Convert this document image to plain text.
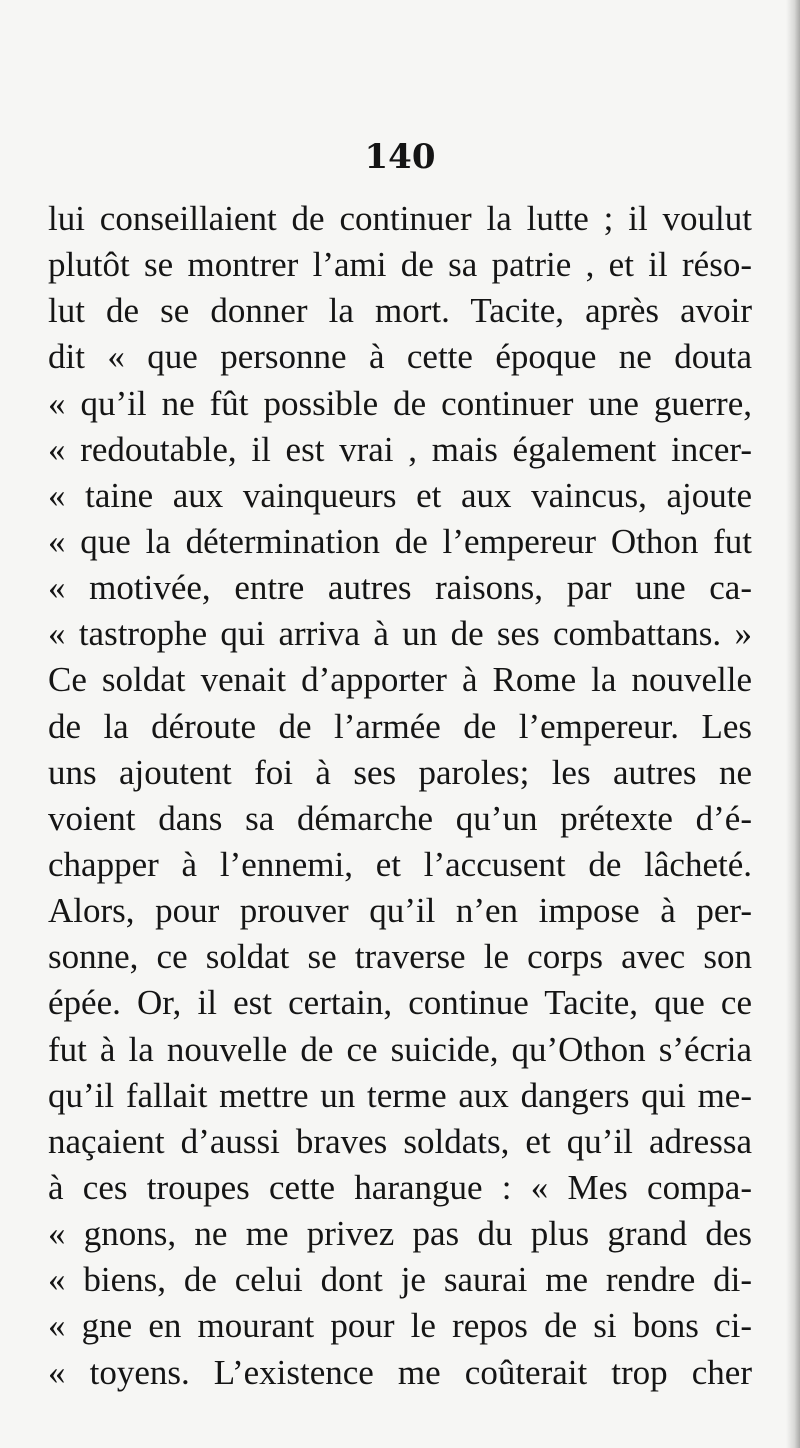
140
lui conseillaient de continuer la lutte ; il voulut
plutôt se montrer l’ami de sa patrie , et il réso-
lut de se donner la mort. Tacite, après avoir
dit « que personne à cette époque ne douta
« qu’il ne fût possible de continuer une guerre,
« redoutable, il est vrai , mais également incer-
« taine aux vainqueurs et aux vaincus, ajoute
« que la détermination de l’empereur Othon fut
« motivée, entre autres raisons, par une ca-
« tastrophe qui arriva à un de ses combattans. »
Ce soldat venait d’apporter à Rome la nouvelle
de la déroute de l’armée de l’empereur. Les
uns ajoutent foi à ses paroles; les autres ne
voient dans sa démarche qu’un prétexte d’é-
chapper à l’ennemi, et l’accusent de lâcheté.
Alors, pour prouver qu’il n’en impose à per-
sonne, ce soldat se traverse le corps avec son
épée. Or, il est certain, continue Tacite, que ce
fut à la nouvelle de ce suicide, qu’Othon s’écria
qu’il fallait mettre un terme aux dangers qui me-
naçaient d’aussi braves soldats, et qu’il adressa
à ces troupes cette harangue : « Mes compa-
« gnons, ne me privez pas du plus grand des
« biens, de celui dont je saurai me rendre di-
« gne en mourant pour le repos de si bons ci-
« toyens. L’existence me coûterait trop cher
